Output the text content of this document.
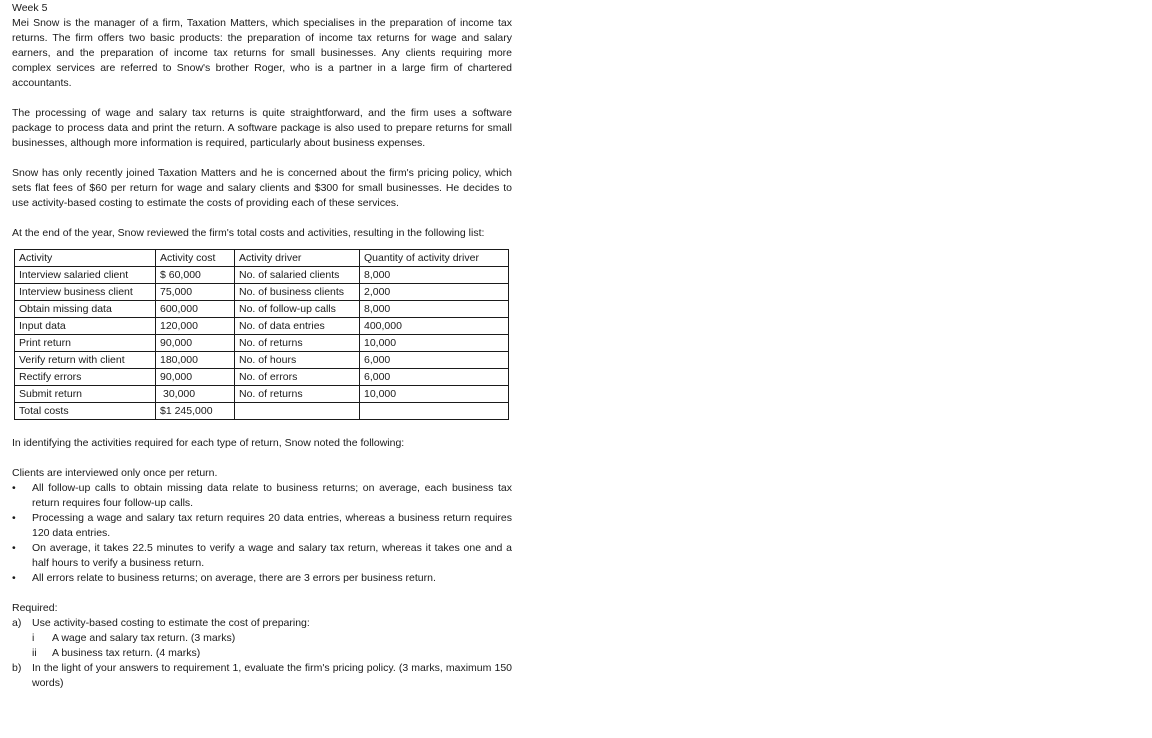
Week 5

Mei Snow is the manager of a firm, Taxation Matters, which specialises in the preparation of income tax returns. The firm offers two basic products: the preparation of income tax returns for wage and salary earners, and the preparation of income tax returns for small businesses. Any clients requiring more complex services are referred to Snow's brother Roger, who is a partner in a large firm of chartered accountants.

The processing of wage and salary tax returns is quite straightforward, and the firm uses a software package to process data and print the return. A software package is also used to prepare returns for small businesses, although more information is required, particularly about business expenses.

Snow has only recently joined Taxation Matters and he is concerned about the firm's pricing policy, which sets flat fees of $60 per return for wage and salary clients and $300 for small businesses. He decides to use activity-based costing to estimate the costs of providing each of these services.

At the end of the year, Snow reviewed the firm's total costs and activities, resulting in the following list:

Activity	Activity cost	Activity driver	Quantity of activity driver
Interview salaried client	$ 60,000	No. of salaried clients	8,000
Interview business client	75,000	No. of business clients	2,000
Obtain missing data	600,000	No. of follow-up calls	8,000
Input data	120,000	No. of data entries	400,000
Print return	90,000	No. of returns	10,000
Verify return with client	180,000	No. of hours	6,000
Rectify errors	90,000	No. of errors	6,000
Submit return	30,000	No. of returns	10,000
Total costs	$1 245,000		

In identifying the activities required for each type of return, Snow noted the following:

Clients are interviewed only once per return.

• All follow-up calls to obtain missing data relate to business returns; on average, each business tax return requires four follow-up calls.
• Processing a wage and salary tax return requires 20 data entries, whereas a business return requires 120 data entries.
• On average, it takes 22.5 minutes to verify a wage and salary tax return, whereas it takes one and a half hours to verify a business return.
• All errors relate to business returns; on average, there are 3 errors per business return.
Required:
a) Use activity-based costing to estimate the cost of preparing:
i A wage and salary tax return. (3 marks)
ii A business tax return. (4 marks)
b) In the light of your answers to requirement 1, evaluate the firm's pricing policy. (3 marks, maximum 150 words)
